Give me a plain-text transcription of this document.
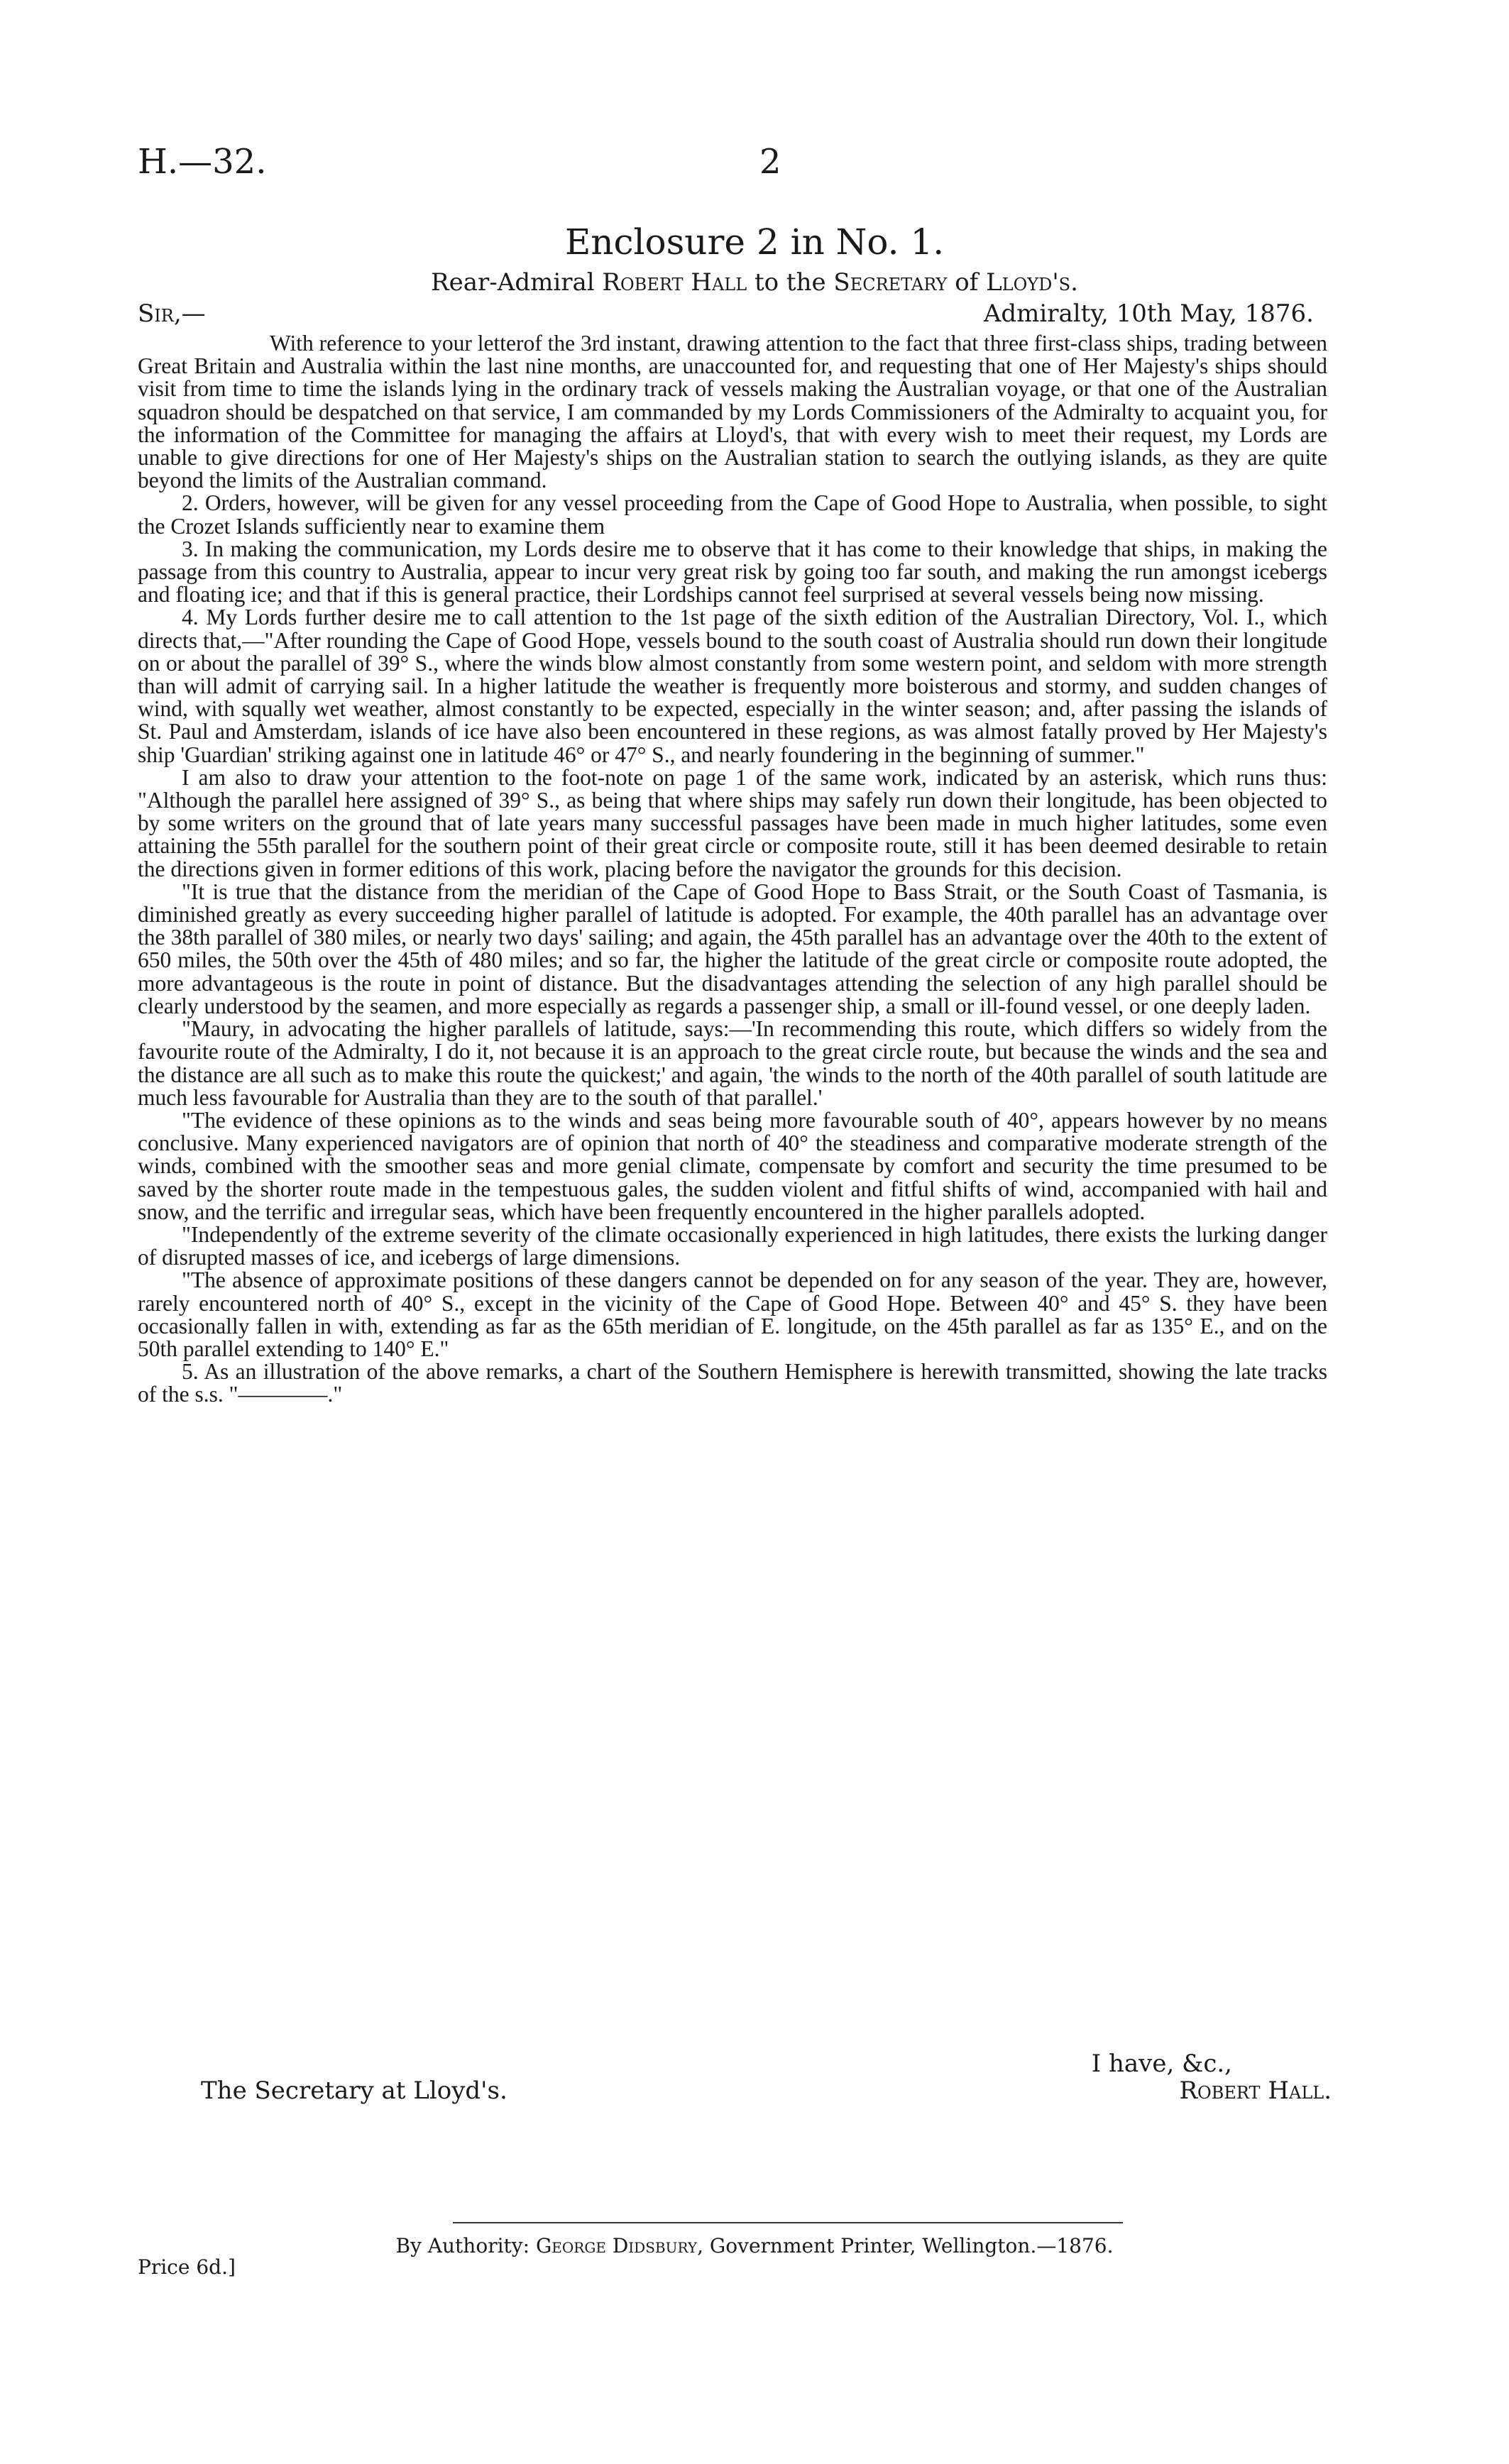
H.—32.	2
Enclosure 2 in No. 1.
Rear-Admiral Robert Hall to the Secretary of Lloyd's.
Sir,—	Admiralty, 10th May, 1876.

With reference to your letterof the 3rd instant, drawing attention to the fact that three first-class ships, trading between Great Britain and Australia within the last nine months, are unaccounted for, and requesting that one of Her Majesty's ships should visit from time to time the islands lying in the ordinary track of vessels making the Australian voyage, or that one of the Australian squadron should be despatched on that service, I am commanded by my Lords Commissioners of the Admiralty to acquaint you, for the information of the Committee for managing the affairs at Lloyd's, that with every wish to meet their request, my Lords are unable to give directions for one of Her Majesty's ships on the Australian station to search the outlying islands, as they are quite beyond the limits of the Australian command.

2. Orders, however, will be given for any vessel proceeding from the Cape of Good Hope to Australia, when possible, to sight the Crozet Islands sufficiently near to examine them

3. In making the communication, my Lords desire me to observe that it has come to their knowledge that ships, in making the passage from this country to Australia, appear to incur very great risk by going too far south, and making the run amongst icebergs and floating ice; and that if this is general practice, their Lordships cannot feel surprised at several vessels being now missing.

4. My Lords further desire me to call attention to the 1st page of the sixth edition of the Australian Directory, Vol. I., which directs that,—"After rounding the Cape of Good Hope, vessels bound to the south coast of Australia should run down their longitude on or about the parallel of 39° S., where the winds blow almost constantly from some western point, and seldom with more strength than will admit of carrying sail. In a higher latitude the weather is frequently more boisterous and stormy, and sudden changes of wind, with squally wet weather, almost constantly to be expected, especially in the winter season; and, after passing the islands of St. Paul and Amsterdam, islands of ice have also been encountered in these regions, as was almost fatally proved by Her Majesty's ship 'Guardian' striking against one in latitude 46° or 47° S., and nearly foundering in the beginning of summer."

I am also to draw your attention to the foot-note on page 1 of the same work, indicated by an asterisk, which runs thus: "Although the parallel here assigned of 39° S., as being that where ships may safely run down their longitude, has been objected to by some writers on the ground that of late years many successful passages have been made in much higher latitudes, some even attaining the 55th parallel for the southern point of their great circle or composite route, still it has been deemed desirable to retain the directions given in former editions of this work, placing before the navigator the grounds for this decision.

"It is true that the distance from the meridian of the Cape of Good Hope to Bass Strait, or the South Coast of Tasmania, is diminished greatly as every succeeding higher parallel of latitude is adopted. For example, the 40th parallel has an advantage over the 38th parallel of 380 miles, or nearly two days' sailing; and again, the 45th parallel has an advantage over the 40th to the extent of 650 miles, the 50th over the 45th of 480 miles; and so far, the higher the latitude of the great circle or composite route adopted, the more advantageous is the route in point of distance. But the disadvantages attending the selection of any high parallel should be clearly understood by the seamen, and more especially as regards a passenger ship, a small or ill-found vessel, or one deeply laden.

"Maury, in advocating the higher parallels of latitude, says:—'In recommending this route, which differs so widely from the favourite route of the Admiralty, I do it, not because it is an approach to the great circle route, but because the winds and the sea and the distance are all such as to make this route the quickest;' and again, 'the winds to the north of the 40th parallel of south latitude are much less favourable for Australia than they are to the south of that parallel.'

"The evidence of these opinions as to the winds and seas being more favourable south of 40°, appears however by no means conclusive. Many experienced navigators are of opinion that north of 40° the steadiness and comparative moderate strength of the winds, combined with the smoother seas and more genial climate, compensate by comfort and security the time presumed to be saved by the shorter route made in the tempestuous gales, the sudden violent and fitful shifts of wind, accompanied with hail and snow, and the terrific and irregular seas, which have been frequently encountered in the higher parallels adopted.

"Independently of the extreme severity of the climate occasionally experienced in high latitudes, there exists the lurking danger of disrupted masses of ice, and icebergs of large dimensions.

"The absence of approximate positions of these dangers cannot be depended on for any season of the year. They are, however, rarely encountered north of 40° S., except in the vicinity of the Cape of Good Hope. Between 40° and 45° S. they have been occasionally fallen in with, extending as far as the 65th meridian of E. longitude, on the 45th parallel as far as 135° E., and on the 50th parallel extending to 140° E."

5. As an illustration of the above remarks, a chart of the Southern Hemisphere is herewith transmitted, showing the late tracks of the s.s. "————."

I have, &c.,
The Secretary at Lloyd's.	Robert Hall.
By Authority: George Didsbury, Government Printer, Wellington.—1876.
Price 6d.]
